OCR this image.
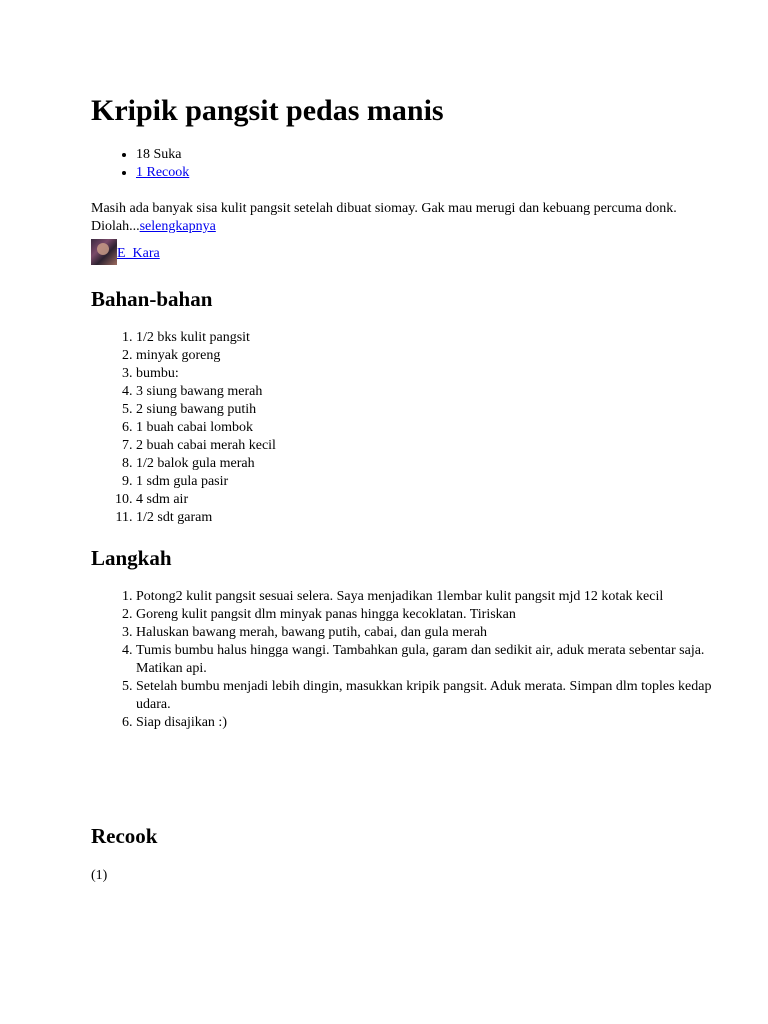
Kripik pangsit pedas manis
• 18 Suka
• 1 Recook

Masih ada banyak sisa kulit pangsit setelah dibuat siomay. Gak mau merugi dan kebuang percuma donk. Diolah...selengkapnya

E_Kara
Bahan-bahan
1. 1/2 bks kulit pangsit
2. minyak goreng
3. bumbu:
4. 3 siung bawang merah
5. 2 siung bawang putih
6. 1 buah cabai lombok
7. 2 buah cabai merah kecil
8. 1/2 balok gula merah
9. 1 sdm gula pasir
10. 4 sdm air
11. 1/2 sdt garam
Langkah
1. Potong2 kulit pangsit sesuai selera. Saya menjadikan 1lembar kulit pangsit mjd 12 kotak kecil
2. Goreng kulit pangsit dlm minyak panas hingga kecoklatan. Tiriskan
3. Haluskan bawang merah, bawang putih, cabai, dan gula merah
4. Tumis bumbu halus hingga wangi. Tambahkan gula, garam dan sedikit air, aduk merata sebentar saja. Matikan api.
5. Setelah bumbu menjadi lebih dingin, masukkan kripik pangsit. Aduk merata. Simpan dlm toples kedap udara.
6. Siap disajikan :)
Recook

(1)
